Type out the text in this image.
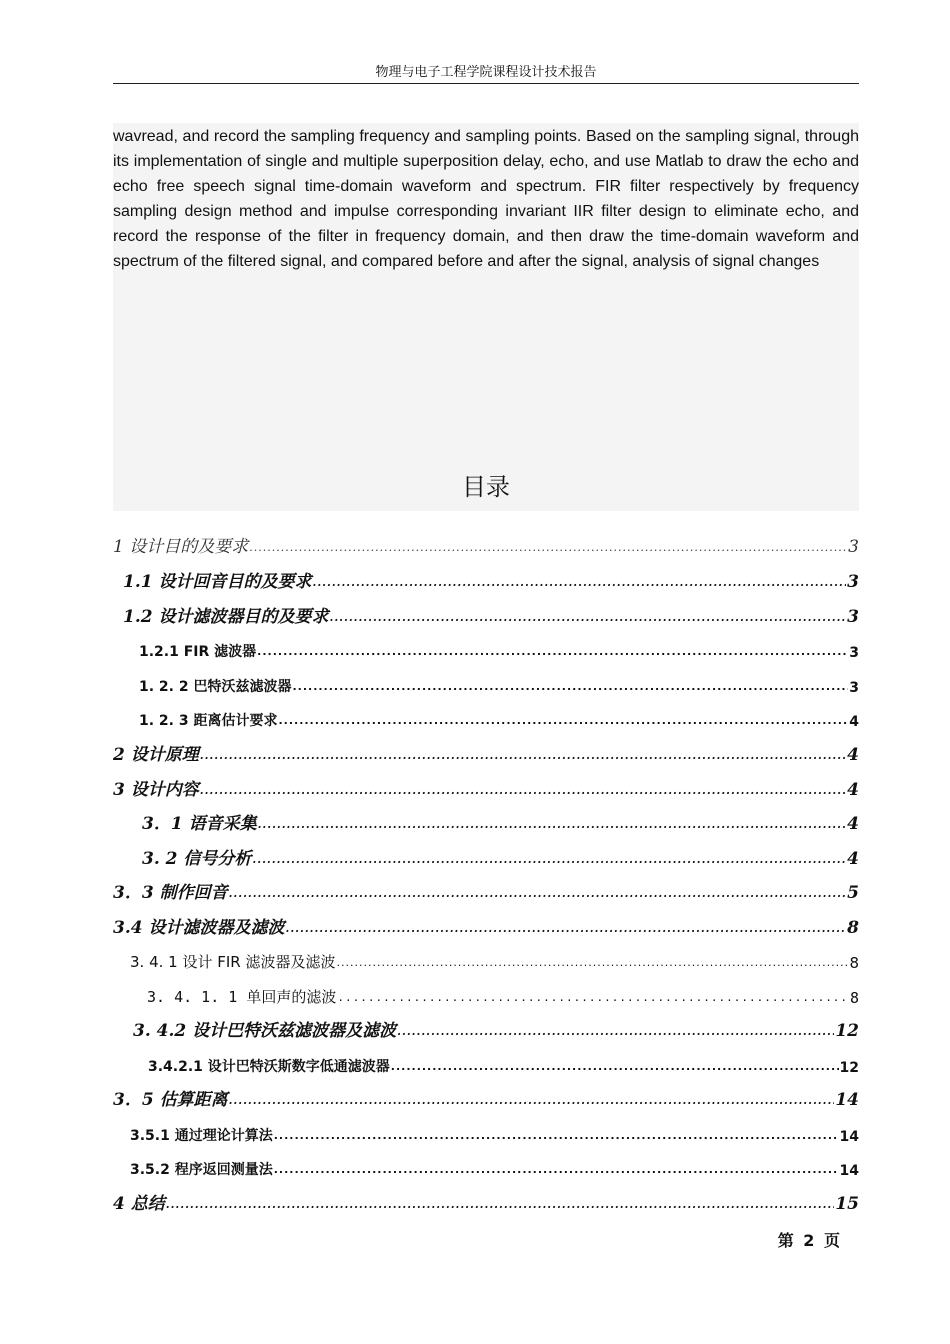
物理与电子工程学院课程设计技术报告

wavread, and record the sampling frequency and sampling points. Based on the sampling signal, through its implementation of single and multiple superposition delay, echo, and use Matlab to draw the echo and echo free speech signal time-domain waveform and spectrum. FIR filter respectively by frequency sampling design method and impulse corresponding invariant IIR filter design to eliminate echo, and record the response of the filter in frequency domain, and then draw the time-domain waveform and spectrum of the filtered signal, and compared before and after the signal, analysis of signal changes

目录
1 设计目的及要求 .....	3
1.1 设计回音目的及要求 .....	3
1.2 设计滤波器目的及要求 .....	3
1.2.1 FIR 滤波器 .....	3
1. 2. 2 巴特沃兹滤波器 .....	3
1. 2. 3 距离估计要求 .....	4
2 设计原理 .....	4
3 设计内容 .....	4
3．1 语音采集 .....	4
3. 2 信号分析 .....	4
3．3 制作回音 .....	5
3.4 设计滤波器及滤波 .....	8
3. 4. 1 设计 FIR 滤波器及滤波 .....	8
3. 4. 1. 1 单回声的滤波 .....	8
3. 4.2 设计巴特沃兹滤波器及滤波 .....	12
3.4.2.1 设计巴特沃斯数字低通滤波器 .....	12
3．5 估算距离 .....	14
3.5.1 通过理论计算法 .....	14
3.5.2 程序返回测量法 .....	14
4 总结 .....	15
第 2 页
